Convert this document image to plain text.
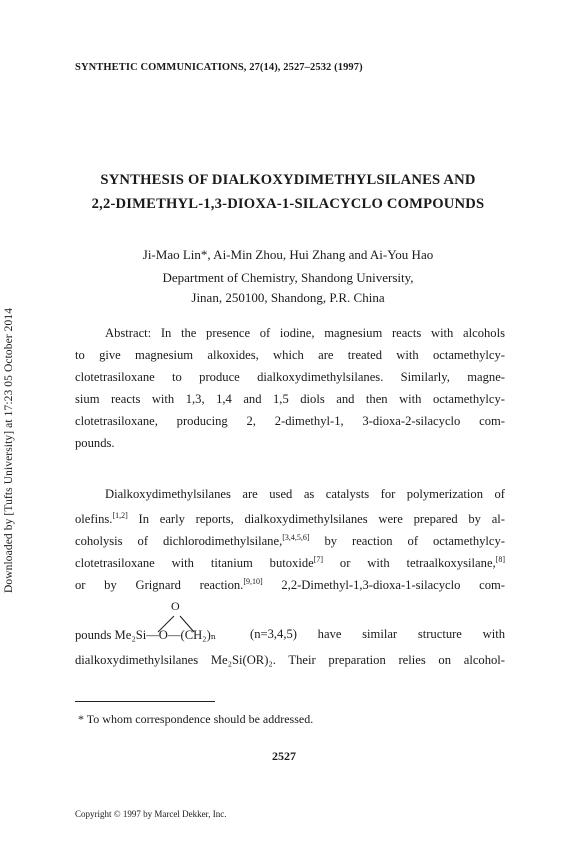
Downloaded by [Tufts University] at 17:23 05 October 2014
SYNTHETIC COMMUNICATIONS, 27(14), 2527–2532 (1997)
SYNTHESIS OF DIALKOXYDIMETHYLSILANES AND
2,2-DIMETHYL-1,3-DIOXA-1-SILACYCLO COMPOUNDS
Ji-Mao Lin*, Ai-Min Zhou, Hui Zhang and Ai-You Hao
Department of Chemistry, Shandong University,
Jinan, 250100, Shandong, P.R. China
Abstract: In the presence of iodine, magnesium reacts with alcohols
to give magnesium alkoxides, which are treated with octamethylcy-
clotetrasiloxane to produce dialkoxydimethylsilanes. Similarly, magne-
sium reacts with 1,3, 1,4 and 1,5 diols and then with octamethylcy-
clotetrasiloxane, producing 2, 2-dimethyl-1, 3-dioxa-2-silacyclo com-
pounds.
Dialkoxydimethylsilanes are used as catalysts for polymerization of
olefins.[1,2] In early reports, dialkoxydimethylsilanes were prepared by al-
coholysis of dichlorodimethylsilane,[3,4,5,6] by reaction of octamethylcy-
clotetrasiloxane with titanium butoxide[7] or with tetraalkoxysilane,[8]
or by Grignard reaction.[9,10] 2,2-Dimethyl-1,3-dioxa-1-silacyclo com-
O
pounds Me₂Si—O—(CH₂)ₙ	(n=3,4,5) have similar structure with
dialkoxydimethylsilanes Me₂Si(OR)₂. Their preparation relies on alcohol-
* To whom correspondence should be addressed.
2527
Copyright © 1997 by Marcel Dekker, Inc.
